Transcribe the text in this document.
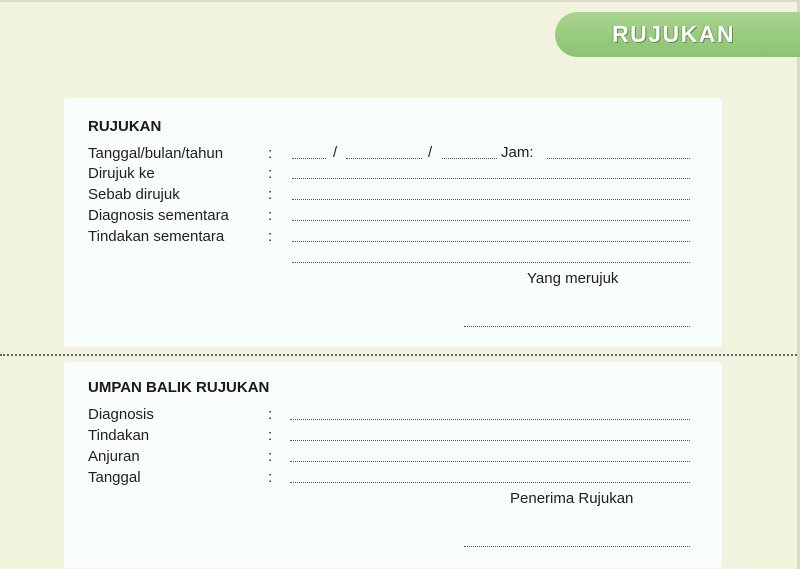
RUJUKAN
RUJUKAN
Tanggal/bulan/tahun	:	/	/	Jam:
Dirujuk ke	:
Sebab dirujuk	:
Diagnosis sementara	:
Tindakan sementara	:
Yang merujuk
UMPAN BALIK RUJUKAN
Diagnosis	:
Tindakan	:
Anjuran	:
Tanggal	:
Penerima Rujukan
